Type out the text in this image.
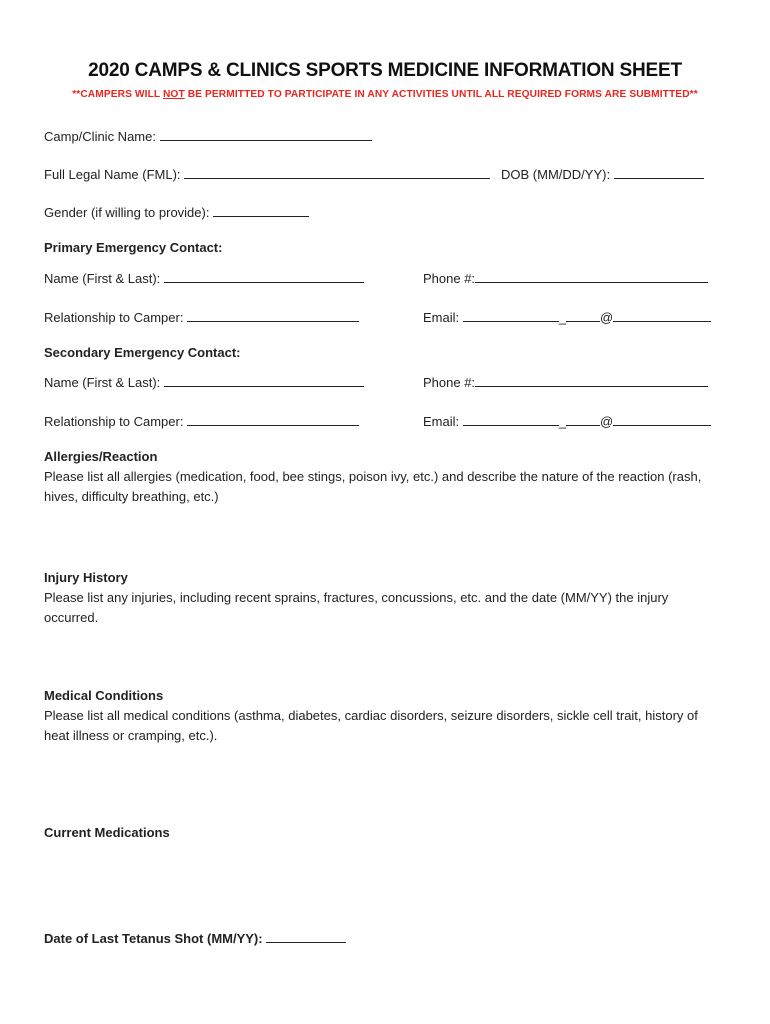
2020 CAMPS & CLINICS SPORTS MEDICINE INFORMATION SHEET
**CAMPERS WILL NOT BE PERMITTED TO PARTICIPATE IN ANY ACTIVITIES UNTIL ALL REQUIRED FORMS ARE SUBMITTED**
Camp/Clinic Name:
Full Legal Name (FML):	DOB (MM/DD/YY):
Gender (if willing to provide):
Primary Emergency Contact:
Name (First & Last):	Phone #:
Relationship to Camper:	Email:	_	@
Secondary Emergency Contact:
Name (First & Last):	Phone #:
Relationship to Camper:	Email:	_	@
Allergies/Reaction
Please list all allergies (medication, food, bee stings, poison ivy, etc.) and describe the nature of the reaction (rash, hives, difficulty breathing, etc.)
Injury History
Please list any injuries, including recent sprains, fractures, concussions, etc. and the date (MM/YY) the injury occurred.
Medical Conditions
Please list all medical conditions (asthma, diabetes, cardiac disorders, seizure disorders, sickle cell trait, history of heat illness or cramping, etc.).
Current Medications
Date of Last Tetanus Shot (MM/YY):
